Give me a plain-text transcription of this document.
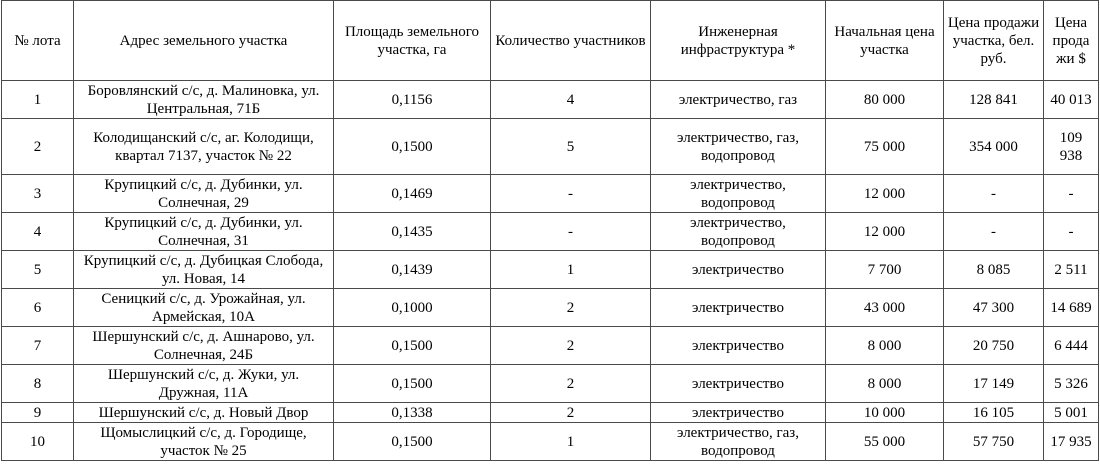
№ лота	Адрес земельного участка	Площадь земельного участка, га	Количество участников	Инженерная инфраструктура *	Начальная цена участка	Цена продажи участка, бел. руб.	Цена прода жи $
1	Боровлянский с/с, д. Малиновка, ул. Центральная, 71Б	0,1156	4	электричество, газ	80 000	128 841	40 013
2	Колодищанский с/с, аг. Колодищи, квартал 7137, участок № 22	0,1500	5	электричество, газ, водопровод	75 000	354 000	109 938
3	Крупицкий с/с, д. Дубинки, ул. Солнечная, 29	0,1469	-	электричество, водопровод	12 000	-	-
4	Крупицкий с/с, д. Дубинки, ул. Солнечная, 31	0,1435	-	электричество, водопровод	12 000	-	-
5	Крупицкий с/с, д. Дубицкая Слобода, ул. Новая, 14	0,1439	1	электричество	7 700	8 085	2 511
6	Сеницкий с/с, д. Урожайная, ул. Армейская, 10А	0,1000	2	электричество	43 000	47 300	14 689
7	Шершунский с/с, д. Ашнарово, ул. Солнечная, 24Б	0,1500	2	электричество	8 000	20 750	6 444
8	Шершунский с/с, д. Жуки, ул. Дружная, 11А	0,1500	2	электричество	8 000	17 149	5 326
9	Шершунский с/с, д. Новый Двор	0,1338	2	электричество	10 000	16 105	5 001
10	Щомыслицкий с/с, д. Городище, участок № 25	0,1500	1	электричество, газ, водопровод	55 000	57 750	17 935
